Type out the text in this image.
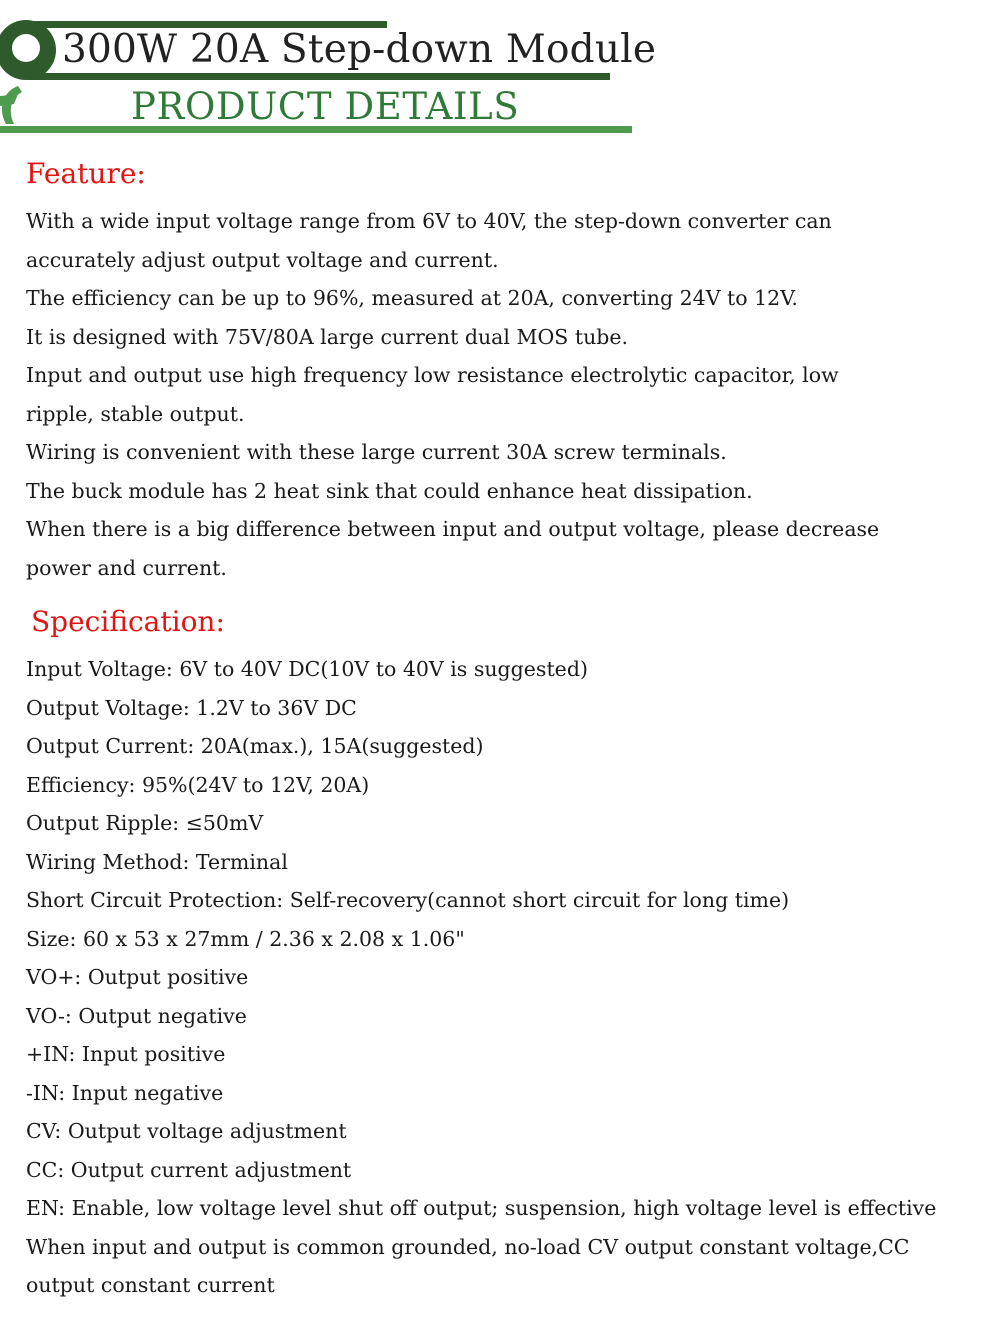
300W 20A Step-down Module
PRODUCT DETAILS
Feature:
With a wide input voltage range from 6V to 40V, the step-down converter can
accurately adjust output voltage and current.
The efficiency can be up to 96%, measured at 20A, converting 24V to 12V.
It is designed with 75V/80A large current dual MOS tube.
Input and output use high frequency low resistance electrolytic capacitor, low
ripple, stable output.
Wiring is convenient with these large current 30A screw terminals.
The buck module has 2 heat sink that could enhance heat dissipation.
When there is a big difference between input and output voltage, please decrease
power and current.
Specification:
Input Voltage: 6V to 40V DC(10V to 40V is suggested)
Output Voltage: 1.2V to 36V DC
Output Current: 20A(max.), 15A(suggested)
Efficiency: 95%(24V to 12V, 20A)
Output Ripple: ≤50mV
Wiring Method: Terminal
Short Circuit Protection: Self-recovery(cannot short circuit for long time)
Size: 60 x 53 x 27mm / 2.36 x 2.08 x 1.06"
VO+: Output positive
VO-: Output negative
+IN: Input positive
-IN: Input negative
CV: Output voltage adjustment
CC: Output current adjustment
EN: Enable, low voltage level shut off output; suspension, high voltage level is effective
When input and output is common grounded, no-load CV output constant voltage,CC
output constant current
